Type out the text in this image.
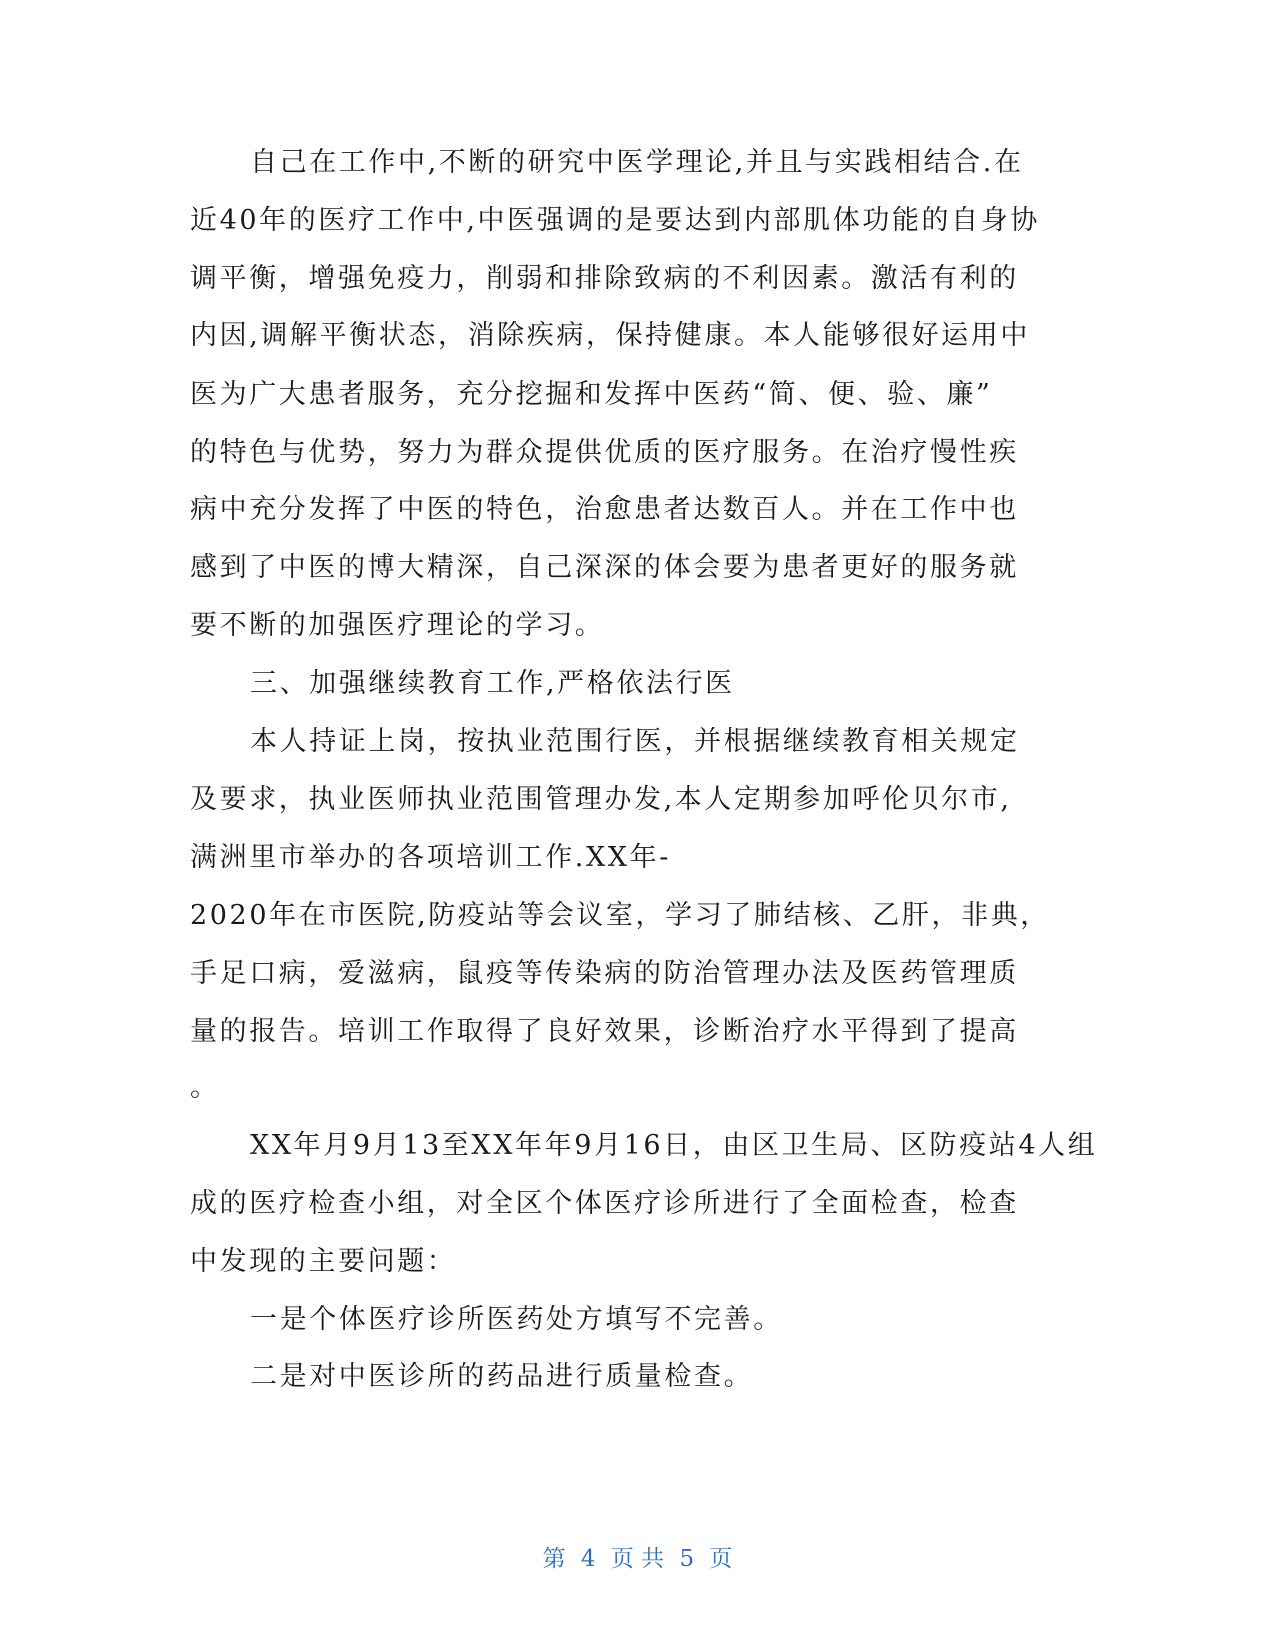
自己在工作中,不断的研究中医学理论,并且与实践相结合.在
近40年的医疗工作中,中医强调的是要达到内部肌体功能的自身协
调平衡，增强免疫力，削弱和排除致病的不利因素。激活有利的
内因,调解平衡状态，消除疾病，保持健康。本人能够很好运用中
医为广大患者服务，充分挖掘和发挥中医药“简、便、验、廉”
的特色与优势，努力为群众提供优质的医疗服务。在治疗慢性疾
病中充分发挥了中医的特色，治愈患者达数百人。并在工作中也
感到了中医的博大精深，自己深深的体会要为患者更好的服务就
要不断的加强医疗理论的学习。
三、加强继续教育工作,严格依法行医
本人持证上岗，按执业范围行医，并根据继续教育相关规定
及要求，执业医师执业范围管理办发,本人定期参加呼伦贝尔市,
满洲里市举办的各项培训工作.XX年-
2020年在市医院,防疫站等会议室，学习了肺结核、乙肝，非典，
手足口病，爱滋病，鼠疫等传染病的防治管理办法及医药管理质
量的报告。培训工作取得了良好效果，诊断治疗水平得到了提高
。
XX年月9月13至XX年年9月16日，由区卫生局、区防疫站4人组
成的医疗检查小组，对全区个体医疗诊所进行了全面检查，检查
中发现的主要问题：
一是个体医疗诊所医药处方填写不完善。
二是对中医诊所的药品进行质量检查。
第 4 页 共 5 页
